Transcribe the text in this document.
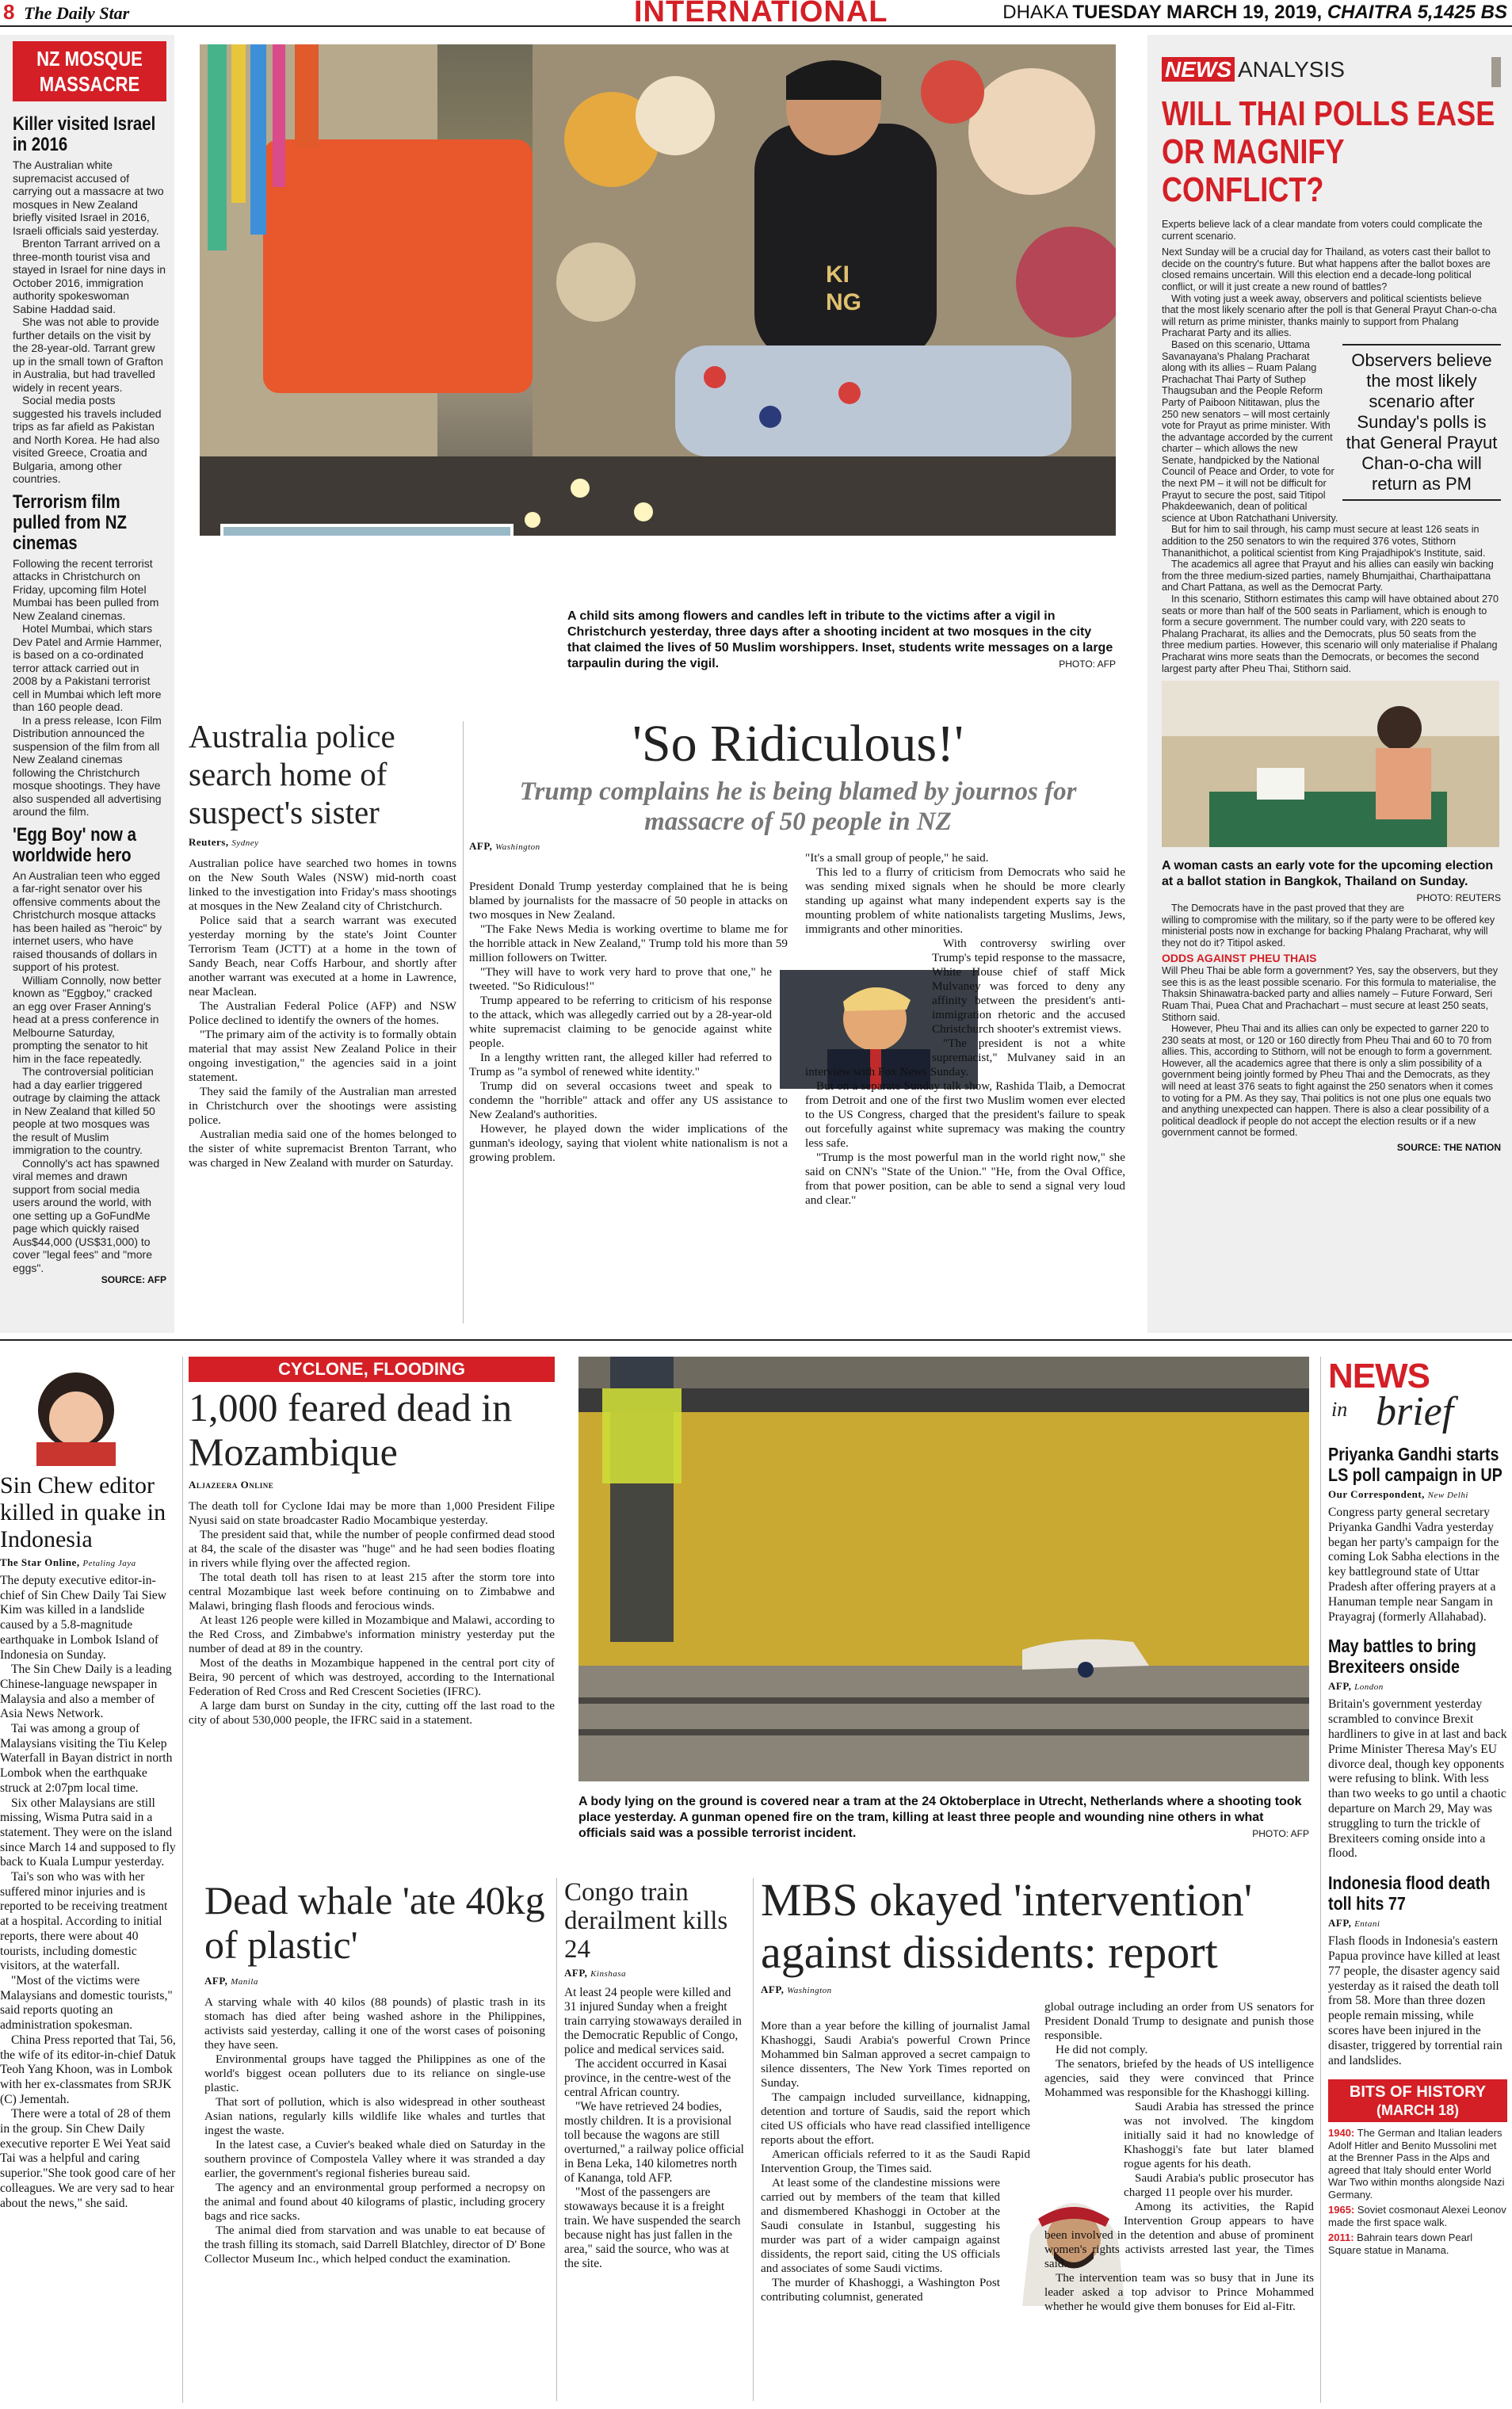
8 The Daily Star	INTERNATIONAL	DHAKA TUESDAY MARCH 19, 2019, CHAITRA 5,1425 BS
NZ MOSQUE MASSACRE
Killer visited Israel in 2016

The Australian white supremacist accused of carrying out a massacre at two mosques in New Zealand briefly visited Israel in 2016, Israeli officials said yesterday.

Brenton Tarrant arrived on a three-month tourist visa and stayed in Israel for nine days in October 2016, immigration authority spokeswoman Sabine Haddad said.

She was not able to provide further details on the visit by the 28-year-old. Tarrant grew up in the small town of Grafton in Australia, but had travelled widely in recent years.

Social media posts suggested his travels included trips as far afield as Pakistan and North Korea. He had also visited Greece, Croatia and Bulgaria, among other countries.

Terrorism film pulled from NZ cinemas

Following the recent terrorist attacks in Christchurch on Friday, upcoming film Hotel Mumbai has been pulled from New Zealand cinemas.

Hotel Mumbai, which stars Dev Patel and Armie Hammer, is based on a co-ordinated terror attack carried out in 2008 by a Pakistani terrorist cell in Mumbai which left more than 160 people dead.

In a press release, Icon Film Distribution announced the suspension of the film from all New Zealand cinemas following the Christchurch mosque shootings. They have also suspended all advertising around the film.

'Egg Boy' now a worldwide hero

An Australian teen who egged a far-right senator over his offensive comments about the Christchurch mosque attacks has been hailed as "heroic" by internet users, who have raised thousands of dollars in support of his protest.

William Connolly, now better known as "Eggboy," cracked an egg over Fraser Anning's head at a press conference in Melbourne Saturday, prompting the senator to hit him in the face repeatedly.

The controversial politician had a day earlier triggered outrage by claiming the attack in New Zealand that killed 50 people at two mosques was the result of Muslim immigration to the country.

Connolly's act has spawned viral memes and drawn support from social media users around the world, with one setting up a GoFundMe page which quickly raised Aus$44,000 (US$31,000) to cover "legal fees" and "more eggs".

SOURCE: AFP
KI
NG
A child sits among flowers and candles left in tribute to the victims after a vigil in Christchurch yesterday, three days after a shooting incident at two mosques in the city that claimed the lives of 50 Muslim worshippers. Inset, students write messages on a large tarpaulin during the vigil.	PHOTO: AFP
NEWS ANALYSIS
WILL THAI POLLS EASE OR MAGNIFY CONFLICT?

Experts believe lack of a clear mandate from voters could complicate the current scenario.

Next Sunday will be a crucial day for Thailand, as voters cast their ballot to decide on the country's future. But what happens after the ballot boxes are closed remains uncertain. Will this election end a decade-long political conflict, or will it just create a new round of battles?

With voting just a week away, observers and political scientists believe that the most likely scenario after the poll is that General Prayut Chan-o-cha will return as prime minister, thanks mainly to support from Phalang Pracharat Party and its allies.

Observers believe the most likely scenario after Sunday's polls is that General Prayut Chan-o-cha will return as PM

Based on this scenario, Uttama Savanayana's Phalang Pracharat along with its allies – Ruam Palang Prachachat Thai Party of Suthep Thaugsuban and the People Reform Party of Paiboon Nititawan, plus the 250 new senators – will most certainly vote for Prayut as prime minister. With the advantage accorded by the current charter – which allows the new Senate, handpicked by the National Council of Peace and Order, to vote for the next PM – it will not be difficult for Prayut to secure the post, said Titipol Phakdeewanich, dean of political science at Ubon Ratchathani University.

But for him to sail through, his camp must secure at least 126 seats in addition to the 250 senators to win the required 376 votes, Stithorn Thananithichot, a political scientist from King Prajadhipok's Institute, said.

The academics all agree that Prayut and his allies can easily win backing from the three medium-sized parties, namely Bhumjaithai, Charthaipattana and Chart Pattana, as well as the Democrat Party.

In this scenario, Stithorn estimates this camp will have obtained about 270 seats or more than half of the 500 seats in Parliament, which is enough to form a secure government. The number could vary, with 220 seats to Phalang Pracharat, its allies and the Democrats, plus 50 seats from the three medium parties. However, this scenario will only materialise if Phalang Pracharat wins more seats than the Democrats, or becomes the second largest party after Pheu Thai, Stithorn said.

A woman casts an early vote for the upcoming election at a ballot station in Bangkok, Thailand on Sunday.
PHOTO: REUTERS

The Democrats have in the past proved that they are willing to compromise with the military, so if the party were to be offered key ministerial posts now in exchange for backing Phalang Pracharat, why will they not do it? Titipol asked.

ODDS AGAINST PHEU THAIS

Will Pheu Thai be able form a government? Yes, say the observers, but they see this is as the least possible scenario. For this formula to materialise, the Thaksin Shinawatra-backed party and allies namely – Future Forward, Seri Ruam Thai, Puea Chat and Prachachart – must secure at least 250 seats, Stithorn said.

However, Pheu Thai and its allies can only be expected to garner 220 to 230 seats at most, or 120 or 160 directly from Pheu Thai and 60 to 70 from allies. This, according to Stithorn, will not be enough to form a government. However, all the academics agree that there is only a slim possibility of a government being jointly formed by Pheu Thai and the Democrats, as they will need at least 376 seats to fight against the 250 senators when it comes to voting for a PM. As they say, Thai politics is not one plus one equals two and anything unexpected can happen. There is also a clear possibility of a political deadlock if people do not accept the election results or if a new government cannot be formed.

SOURCE: THE NATION
Australia police search home of suspect's sister
Reuters, Sydney

Australian police have searched two homes in towns on the New South Wales (NSW) mid-north coast linked to the investigation into Friday's mass shootings at mosques in the New Zealand city of Christchurch.

Police said that a search warrant was executed yesterday morning by the state's Joint Counter Terrorism Team (JCTT) at a home in the town of Sandy Beach, near Coffs Harbour, and shortly after another warrant was executed at a home in Lawrence, near Maclean.

The Australian Federal Police (AFP) and NSW Police declined to identify the owners of the homes.

"The primary aim of the activity is to formally obtain material that may assist New Zealand Police in their ongoing investigation," the agencies said in a joint statement.

They said the family of the Australian man arrested in Christchurch over the shootings were assisting police.

Australian media said one of the homes belonged to the sister of white supremacist Brenton Tarrant, who was charged in New Zealand with murder on Saturday.

'So Ridiculous!'
Trump complains he is being blamed by journos for massacre of 50 people in NZ
AFP, Washington

President Donald Trump yesterday complained that he is being blamed by journalists for the massacre of 50 people in attacks on two mosques in New Zealand.

"The Fake News Media is working overtime to blame me for the horrible attack in New Zealand," Trump told his more than 59 million followers on Twitter.

"They will have to work very hard to prove that one," he tweeted. "So Ridiculous!"

Trump appeared to be referring to criticism of his response to the attack, which was allegedly carried out by a 28-year-old white supremacist claiming to be genocide against white people.

In a lengthy written rant, the alleged killer had referred to Trump as "a symbol of renewed white identity."

Trump did on several occasions tweet and speak to condemn the "horrible" attack and offer any US assistance to New Zealand's authorities.

However, he played down the wider implications of the gunman's ideology, saying that violent white nationalism is not a growing problem.

"It's a small group of people," he said.

This led to a flurry of criticism from Democrats who said he was sending mixed signals when he should be more clearly standing up against what many independent experts say is the mounting problem of white nationalists targeting Muslims, Jews, immigrants and other minorities.

With controversy swirling over Trump's tepid response to the massacre, White House chief of staff Mick Mulvaney was forced to deny any affinity between the president's anti-immigration rhetoric and the accused Christchurch shooter's extremist views.

"The president is not a white supremacist," Mulvaney said in an interview with Fox News Sunday.

But on a separate Sunday talk show, Rashida Tlaib, a Democrat from Detroit and one of the first two Muslim women ever elected to the US Congress, charged that the president's failure to speak out forcefully against white supremacy was making the country less safe.

"Trump is the most powerful man in the world right now," she said on CNN's "State of the Union." "He, from the Oval Office, from that power position, can be able to send a signal very loud and clear."

Sin Chew editor killed in quake in Indonesia
The Star Online, Petaling Jaya

The deputy executive editor-in-chief of Sin Chew Daily Tai Siew Kim was killed in a landslide caused by a 5.8-magnitude earthquake in Lombok Island of Indonesia on Sunday.

The Sin Chew Daily is a leading Chinese-language newspaper in Malaysia and also a member of Asia News Network.

Tai was among a group of Malaysians visiting the Tiu Kelep Waterfall in Bayan district in north Lombok when the earthquake struck at 2:07pm local time.

Six other Malaysians are still missing, Wisma Putra said in a statement. They were on the island since March 14 and supposed to fly back to Kuala Lumpur yesterday.

Tai's son who was with her suffered minor injuries and is reported to be receiving treatment at a hospital. According to initial reports, there were about 40 tourists, including domestic visitors, at the waterfall.

"Most of the victims were Malaysians and domestic tourists," said reports quoting an administration spokesman.

China Press reported that Tai, 56, the wife of its editor-in-chief Datuk Teoh Yang Khoon, was in Lombok with her ex-classmates from SRJK (C) Jementah.

There were a total of 28 of them in the group. Sin Chew Daily executive reporter E Wei Yeat said Tai was a helpful and caring superior."She took good care of her colleagues. We are very sad to hear about the news," she said.

CYCLONE, FLOODING
1,000 feared dead in Mozambique
Aljazeera Online

The death toll for Cyclone Idai may be more than 1,000 President Filipe Nyusi said on state broadcaster Radio Mocambique yesterday.

The president said that, while the number of people confirmed dead stood at 84, the scale of the disaster was "huge" and he had seen bodies floating in rivers while flying over the affected region.

The total death toll has risen to at least 215 after the storm tore into central Mozambique last week before continuing on to Zimbabwe and Malawi, bringing flash floods and ferocious winds.

At least 126 people were killed in Mozambique and Malawi, according to the Red Cross, and Zimbabwe's information ministry yesterday put the number of dead at 89 in the country.

Most of the deaths in Mozambique happened in the central port city of Beira, 90 percent of which was destroyed, according to the International Federation of Red Cross and Red Crescent Societies (IFRC).

A large dam burst on Sunday in the city, cutting off the last road to the city of about 530,000 people, the IFRC said in a statement.

A body lying on the ground is covered near a tram at the 24 Oktoberplace in Utrecht, Netherlands where a shooting took place yesterday. A gunman opened fire on the tram, killing at least three people and wounding nine others in what officials said was a possible terrorist incident.	PHOTO: AFP
Dead whale 'ate 40kg of plastic'
AFP, Manila

A starving whale with 40 kilos (88 pounds) of plastic trash in its stomach has died after being washed ashore in the Philippines, activists said yesterday, calling it one of the worst cases of poisoning they have seen.

Environmental groups have tagged the Philippines as one of the world's biggest ocean polluters due to its reliance on single-use plastic.

That sort of pollution, which is also widespread in other southeast Asian nations, regularly kills wildlife like whales and turtles that ingest the waste.

In the latest case, a Cuvier's beaked whale died on Saturday in the southern province of Compostela Valley where it was stranded a day earlier, the government's regional fisheries bureau said.

The agency and an environmental group performed a necropsy on the animal and found about 40 kilograms of plastic, including grocery bags and rice sacks.

The animal died from starvation and was unable to eat because of the trash filling its stomach, said Darrell Blatchley, director of D' Bone Collector Museum Inc., which helped conduct the examination.

Congo train derailment kills 24
AFP, Kinshasa

At least 24 people were killed and 31 injured Sunday when a freight train carrying stowaways derailed in the Democratic Republic of Congo, police and medical services said.

The accident occurred in Kasai province, in the centre-west of the central African country.

"We have retrieved 24 bodies, mostly children. It is a provisional toll because the wagons are still overturned," a railway police official in Bena Leka, 140 kilometres north of Kananga, told AFP.

"Most of the passengers are stowaways because it is a freight train. We have suspended the search because night has just fallen in the area," said the source, who was at the site.

MBS okayed 'intervention' against dissidents: report
AFP, Washington

More than a year before the killing of journalist Jamal Khashoggi, Saudi Arabia's powerful Crown Prince Mohammed bin Salman approved a secret campaign to silence dissenters, The New York Times reported on Sunday.

The campaign included surveillance, kidnapping, detention and torture of Saudis, said the report which cited US officials who have read classified intelligence reports about the effort.

American officials referred to it as the Saudi Rapid Intervention Group, the Times said.

At least some of the clandestine missions were carried out by members of the team that killed and dismembered Khashoggi in October at the Saudi consulate in Istanbul, suggesting his murder was part of a wider campaign against dissidents, the report said, citing the US officials and associates of some Saudi victims.

The murder of Khashoggi, a Washington Post contributing columnist, generated

global outrage including an order from US senators for President Donald Trump to designate and punish those responsible.

He did not comply.

The senators, briefed by the heads of US intelligence agencies, said they were convinced that Prince Mohammed was responsible for the Khashoggi killing.

Saudi Arabia has stressed the prince was not involved. The kingdom initially said it had no knowledge of Khashoggi's fate but later blamed rogue agents for his death.

Saudi Arabia's public prosecutor has charged 11 people over his murder.

Among its activities, the Rapid Intervention Group appears to have been involved in the detention and abuse of prominent women's rights activists arrested last year, the Times said.

The intervention team was so busy that in June its leader asked a top advisor to Prince Mohammed whether he would give them bonuses for Eid al-Fitr.

NEWS
in brief
Priyanka Gandhi starts LS poll campaign in UP
Our Correspondent, New Delhi
Congress party general secretary Priyanka Gandhi Vadra yesterday began her party's campaign for the coming Lok Sabha elections in the key battleground state of Uttar Pradesh after offering prayers at a Hanuman temple near Sangam in Prayagraj (formerly Allahabad).
May battles to bring Brexiteers onside
AFP, London
Britain's government yesterday scrambled to convince Brexit hardliners to give in at last and back Prime Minister Theresa May's EU divorce deal, though key opponents were refusing to blink. With less than two weeks to go until a chaotic departure on March 29, May was struggling to turn the trickle of Brexiteers coming onside into a flood.
Indonesia flood death toll hits 77
AFP, Entani
Flash floods in Indonesia's eastern Papua province have killed at least 77 people, the disaster agency said yesterday as it raised the death toll from 58. More than three dozen people remain missing, while scores have been injured in the disaster, triggered by torrential rain and landslides.
BITS OF HISTORY
(MARCH 18)

1940: The German and Italian leaders Adolf Hitler and Benito Mussolini met at the Brenner Pass in the Alps and agreed that Italy should enter World War Two within months alongside Nazi Germany.

1965: Soviet cosmonaut Alexei Leonov made the first space walk.

2011: Bahrain tears down Pearl Square statue in Manama.
